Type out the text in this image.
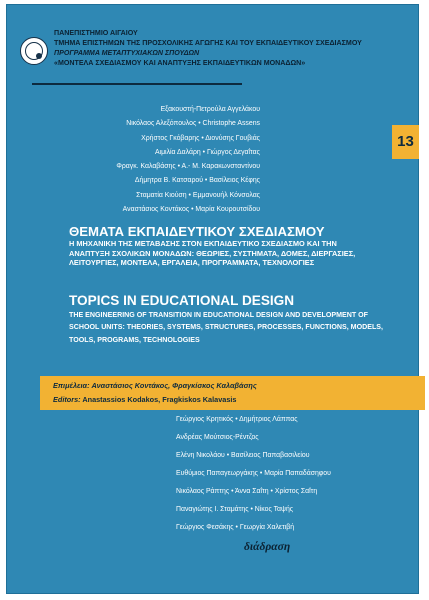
ΠΑΝΕΠΙΣΤΗΜΙΟ ΑΙΓΑΙΟΥ
ΤΜΗΜΑ ΕΠΙΣΤΗΜΩΝ ΤΗΣ ΠΡΟΣΧΟΛΙΚΗΣ ΑΓΩΓΗΣ ΚΑΙ ΤΟΥ ΕΚΠΑΙΔΕΥΤΙΚΟΥ ΣΧΕΔΙΑΣΜΟΥ
ΠΡΟΓΡΑΜΜΑ ΜΕΤΑΠΤΥΧΙΑΚΩΝ ΣΠΟΥΔΩΝ
«ΜΟΝΤΕΛΑ ΣΧΕΔΙΑΣΜΟΥ ΚΑΙ ΑΝΑΠΤΥΞΗΣ ΕΚΠΑΙΔΕΥΤΙΚΩΝ ΜΟΝΑΔΩΝ»
Εξακουστή-Πετρούλα Αγγελάκου
Νικόλαος Αλεξόπουλος • Christophe Assens
Χρήστος Γκόβαρης • Διονύσης Γουβιάς
Αιμιλία Δαλάρη • Γιώργος Δεγαΐτας
Φραγκ. Καλαβάσης • Α.- Μ. Καρακωνσταντίνου
Δήμητρα Β. Κατσαρού • Βασίλειος Κέφης
Σταματία Κιούση • Εμμανουήλ Κόνσολας
Αναστάσιος Κοντάκος • Μαρία Κουρουτσίδου
13
ΘΕΜΑΤΑ ΕΚΠΑΙΔΕΥΤΙΚΟΥ ΣΧΕΔΙΑΣΜΟΥ
Η ΜΗΧΑΝΙΚΗ ΤΗΣ ΜΕΤΑΒΑΣΗΣ ΣΤΟΝ ΕΚΠΑΙΔΕΥΤΙΚΟ ΣΧΕΔΙΑΣΜΟ ΚΑΙ ΤΗΝ ΑΝΑΠΤΥΞΗ ΣΧΟΛΙΚΩΝ ΜΟΝΑΔΩΝ: ΘΕΩΡΙΕΣ, ΣΥΣΤΗΜΑΤΑ, ΔΟΜΕΣ, ΔΙΕΡΓΑΣΙΕΣ, ΛΕΙΤΟΥΡΓΙΕΣ, ΜΟΝΤΕΛΑ, ΕΡΓΑΛΕΙΑ, ΠΡΟΓΡΑΜΜΑΤΑ, ΤΕΧΝΟΛΟΓΙΕΣ
TOPICS IN EDUCATIONAL DESIGN
THE ENGINEERING OF TRANSITION IN EDUCATIONAL DESIGN AND DEVELOPMENT OF SCHOOL UNITS: THEORIES, SYSTEMS, STRUCTURES, PROCESSES, FUNCTIONS, MODELS, TOOLS, PROGRAMS, TECHNOLOGIES
Επιμέλεια: Αναστάσιος Κοντάκος, Φραγκίσκος Καλαβάσης
Editors: Anastassios Kodakos, Fragkiskos Kalavasis
Γεώργιος Κρητικός • Δημήτριος Λάππας
Ανδρέας Μούτσιος-Ρέντζος
Ελένη Νικολάου • Βασίλειος Παπαβασιλείου
Ευθύμιος Παπαγεωργάκης • Μαρία Παπαδάσηφου
Νικόλαος Ράπτης • Άννα Σαΐτη • Χρίστος Σαΐτη
Παναγιώτης Ι. Σταμάτης • Νίκος Ταψής
Γεώργιος Φεσάκης • Γεωργία Χαλετιβή
διάδραση
